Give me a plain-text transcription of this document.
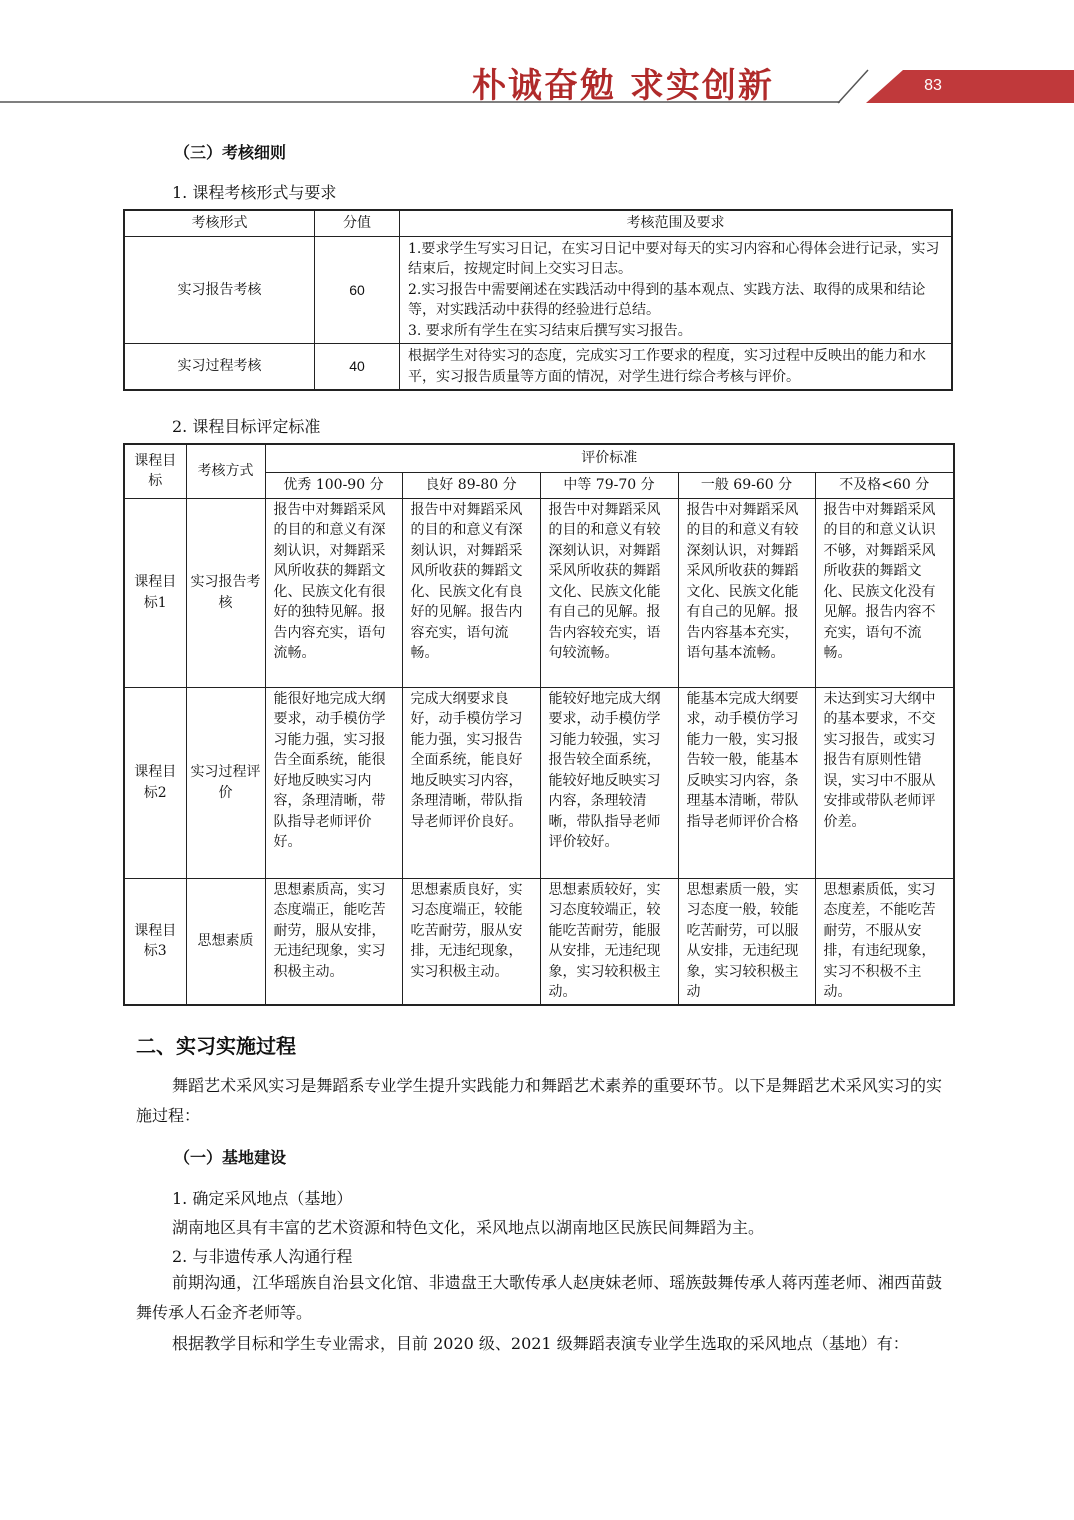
朴诚奋勉 求实创新	83
（三）考核细则
1. 课程考核形式与要求
考核形式	分值	考核范围及要求
实习报告考核	60	1.要求学生写实习日记，在实习日记中要对每天的实习内容和心得体会进行记录，实习结束后，按规定时间上交实习日志。
2.实习报告中需要阐述在实践活动中得到的基本观点、实践方法、取得的成果和结论等，对实践活动中获得的经验进行总结。
3. 要求所有学生在实习结束后撰写实习报告。

实习过程考核	40	根据学生对待实习的态度，完成实习工作要求的程度，实习过程中反映出的能力和水平，实习报告质量等方面的情况，对学生进行综合考核与评价。
2. 课程目标评定标准
课程目标	考核方式	评价标准				
		优秀 100-90 分	良好 89-80 分	中等 79-70 分	一般 69-60 分	不及格<60 分
课程目标1	实习报告考核	报告中对舞蹈采风的目的和意义有深刻认识，对舞蹈采风所收获的舞蹈文化、民族文化有很好的独特见解。报告内容充实，语句流畅。	报告中对舞蹈采风的目的和意义有深刻认识，对舞蹈采风所收获的舞蹈文化、民族文化有良好的见解。报告内容充实，语句流畅。	报告中对舞蹈采风的目的和意义有较深刻认识，对舞蹈采风所收获的舞蹈文化、民族文化能有自己的见解。报告内容较充实，语句较流畅。	报告中对舞蹈采风的目的和意义有较深刻认识，对舞蹈采风所收获的舞蹈文化、民族文化能有自己的见解。报告内容基本充实，语句基本流畅。	报告中对舞蹈采风的目的和意义认识不够，对舞蹈采风所收获的舞蹈文化、民族文化没有见解。报告内容不充实，语句不流畅。
课程目标2	实习过程评价	能很好地完成大纲要求，动手模仿学习能力强，实习报告全面系统，能很好地反映实习内容，条理清晰，带队指导老师评价好。	完成大纲要求良好，动手模仿学习能力强，实习报告全面系统，能良好地反映实习内容，条理清晰，带队指导老师评价良好。	能较好地完成大纲要求，动手模仿学习能力较强，实习报告较全面系统，能较好地反映实习内容，条理较清晰，带队指导老师评价较好。	能基本完成大纲要求，动手模仿学习能力一般，实习报告较一般，能基本反映实习内容，条理基本清晰，带队指导老师评价合格	未达到实习大纲中的基本要求，不交实习报告，或实习报告有原则性错误，实习中不服从安排或带队老师评价差。
课程目标3	思想素质	思想素质高，实习态度端正，能吃苦耐劳，服从安排，无违纪现象，实习积极主动。	思想素质良好，实习态度端正，较能吃苦耐劳，服从安排，无违纪现象，实习积极主动。	思想素质较好，实习态度较端正，较能吃苦耐劳，能服从安排，无违纪现象，实习较积极主动。	思想素质一般，实习态度一般，较能吃苦耐劳，可以服从安排，无违纪现象，实习较积极主动	思想素质低，实习态度差，不能吃苦耐劳，不服从安排，有违纪现象，实习不积极不主动。
二、实习实施过程
舞蹈艺术采风实习是舞蹈系专业学生提升实践能力和舞蹈艺术素养的重要环节。以下是舞蹈艺术采风实习的实施过程：
（一）基地建设
1. 确定采风地点（基地）
湖南地区具有丰富的艺术资源和特色文化，采风地点以湖南地区民族民间舞蹈为主。
2. 与非遗传承人沟通行程
前期沟通，江华瑶族自治县文化馆、非遗盘王大歌传承人赵庚妹老师、瑶族鼓舞传承人蒋丙莲老师、湘西苗鼓舞传承人石金齐老师等。
根据教学目标和学生专业需求，目前 2020 级、2021 级舞蹈表演专业学生选取的采风地点（基地）有：
